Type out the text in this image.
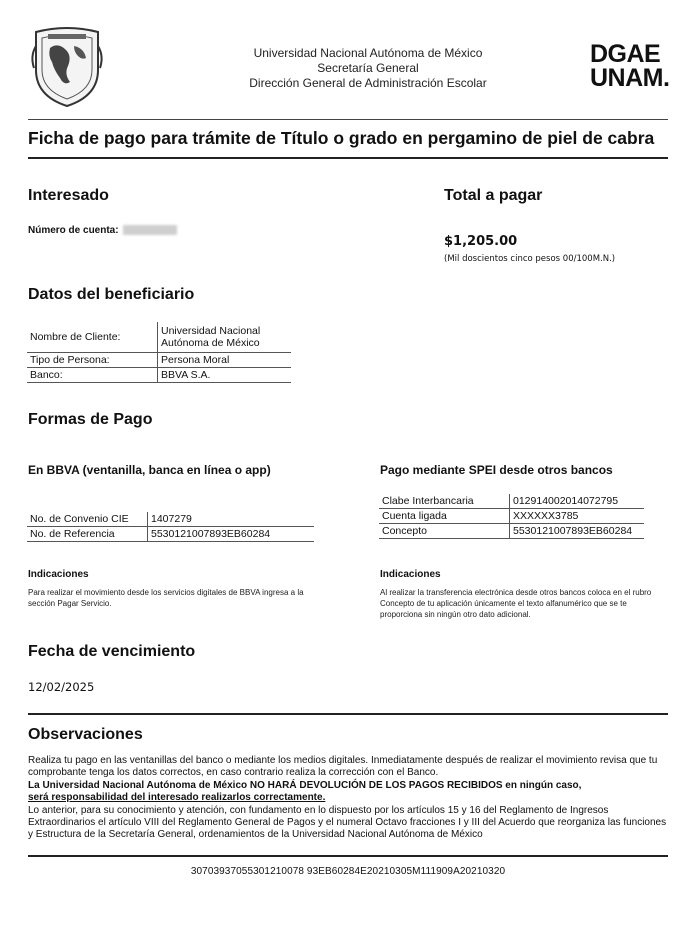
Universidad Nacional Autónoma de México
Secretaría General
Dirección General de Administración Escolar
DGAE
UNAM.
Ficha de pago para trámite de Título o grado en pergamino de piel de cabra
Interesado
Número de cuenta:
Total a pagar
$1,205.00
(Mil doscientos cinco pesos 00/100M.N.)
Datos del beneficiario
Nombre de Cliente:	Universidad Nacional Autónoma de México
Tipo de Persona:	Persona Moral
Banco:	BBVA S.A.
Formas de Pago
En BBVA (ventanilla, banca en línea o app)
No. de Convenio CIE	1407279
No. de Referencia	5530121007893EB60284
Indicaciones
Para realizar el movimiento desde los servicios digitales de BBVA ingresa a la sección Pagar Servicio.
Pago mediante SPEI desde otros bancos
Clabe Interbancaria	012914002014072795
Cuenta ligada	XXXXXX3785
Concepto	5530121007893EB60284
Indicaciones
Al realizar la transferencia electrónica desde otros bancos coloca en el rubro Concepto de tu aplicación únicamente el texto alfanumérico que se te proporciona sin ningún otro dato adicional.
Fecha de vencimiento
12/02/2025
Observaciones
Realiza tu pago en las ventanillas del banco o mediante los medios digitales. Inmediatamente después de realizar el movimiento revisa que tu comprobante tenga los datos correctos, en caso contrario realiza la corrección con el Banco.
La Universidad Nacional Autónoma de México NO HARÁ DEVOLUCIÓN DE LOS PAGOS RECIBIDOS en ningún caso,
será responsabilidad del interesado realizarlos correctamente.
Lo anterior, para su conocimiento y atención, con fundamento en lo dispuesto por los artículos 15 y 16 del Reglamento de Ingresos Extraordinarios el artículo VIII del Reglamento General de Pagos y el numeral Octavo fracciones I y III del Acuerdo que reorganiza las funciones y Estructura de la Secretaría General, ordenamientos de la Universidad Nacional Autónoma de México
30703937055301210078 93EB60284E20210305M111909A20210320
